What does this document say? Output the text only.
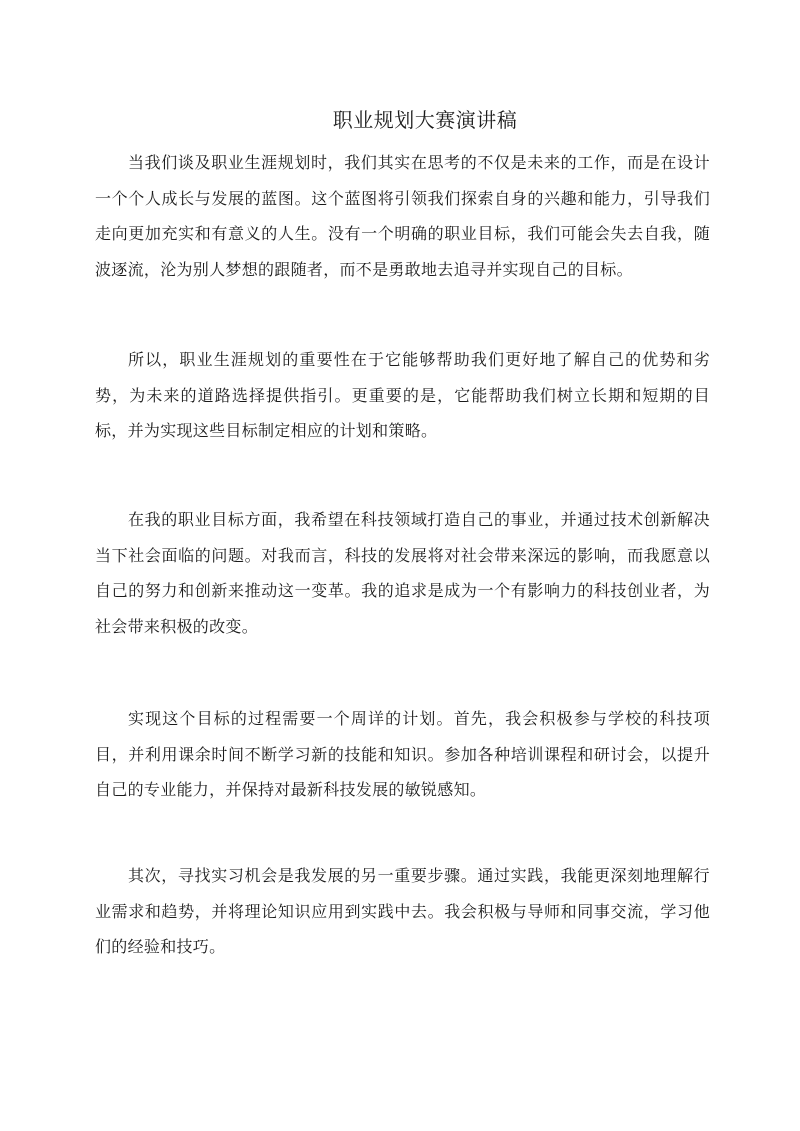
职业规划大赛演讲稿

当我们谈及职业生涯规划时，我们其实在思考的不仅是未来的工作，而是在设计一个个人成长与发展的蓝图。这个蓝图将引领我们探索自身的兴趣和能力，引导我们走向更加充实和有意义的人生。没有一个明确的职业目标，我们可能会失去自我，随波逐流，沦为别人梦想的跟随者，而不是勇敢地去追寻并实现自己的目标。

所以，职业生涯规划的重要性在于它能够帮助我们更好地了解自己的优势和劣势，为未来的道路选择提供指引。更重要的是，它能帮助我们树立长期和短期的目标，并为实现这些目标制定相应的计划和策略。

在我的职业目标方面，我希望在科技领域打造自己的事业，并通过技术创新解决当下社会面临的问题。对我而言，科技的发展将对社会带来深远的影响，而我愿意以自己的努力和创新来推动这一变革。我的追求是成为一个有影响力的科技创业者，为社会带来积极的改变。

实现这个目标的过程需要一个周详的计划。首先，我会积极参与学校的科技项目，并利用课余时间不断学习新的技能和知识。参加各种培训课程和研讨会，以提升自己的专业能力，并保持对最新科技发展的敏锐感知。

其次，寻找实习机会是我发展的另一重要步骤。通过实践，我能更深刻地理解行业需求和趋势，并将理论知识应用到实践中去。我会积极与导师和同事交流，学习他们的经验和技巧。
